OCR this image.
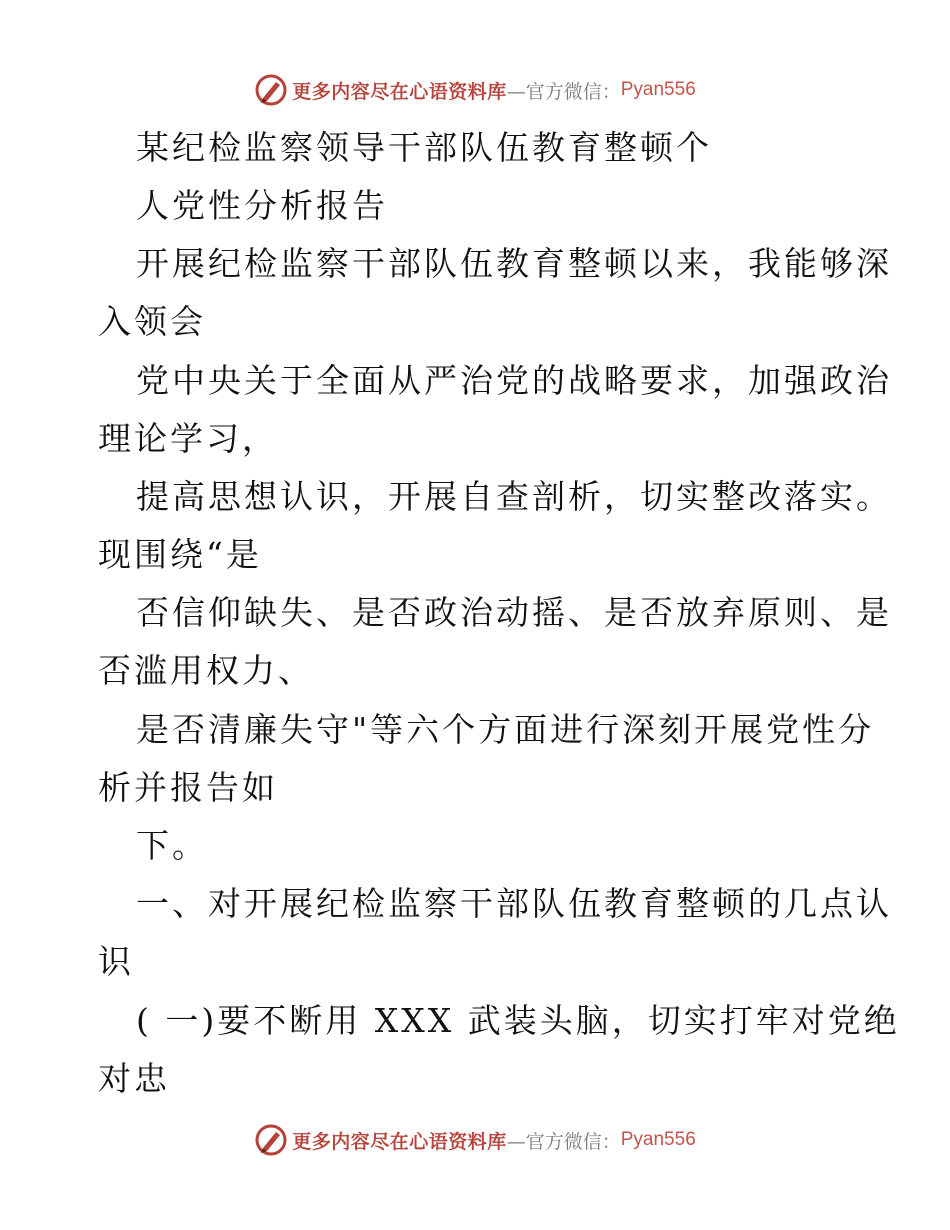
更多内容尽在心语资料库 —官方微信： Pyan556
某纪检监察领导干部队伍教育整顿个
人党性分析报告
开展纪检监察干部队伍教育整顿以来，我能够深
入领会
党中央关于全面从严治党的战略要求，加强政治
理论学习，
提高思想认识，开展自查剖析，切实整改落实。
现围绕“是
否信仰缺失、是否政治动摇、是否放弃原则、是
否滥用权力、
是否清廉失守"等六个方面进行深刻开展党性分
析并报告如
下。
一、对开展纪检监察干部队伍教育整顿的几点认
识
( 一)要不断用 XXX 武装头脑，切实打牢对党绝
对忠
更多内容尽在心语资料库 —官方微信： Pyan556
